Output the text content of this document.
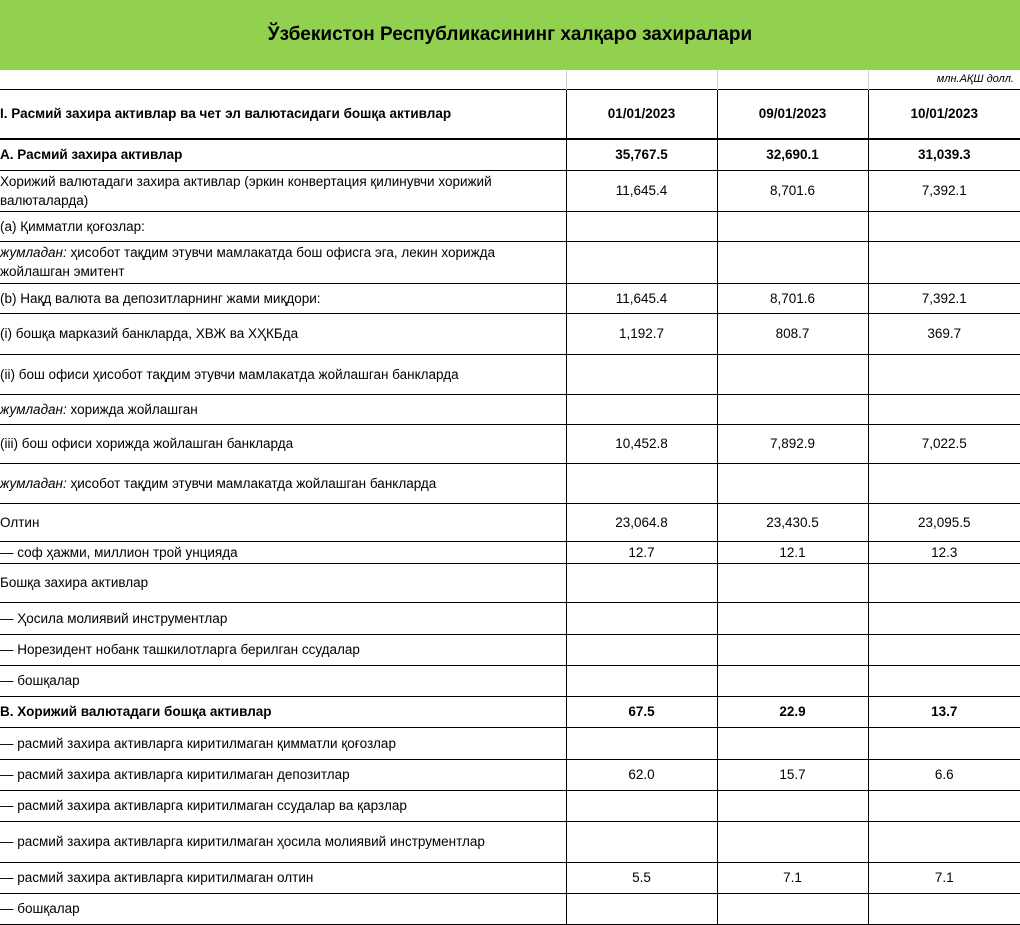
Ўзбекистон Республикасининг халқаро захиралари
			млн.АҚШ долл.
I. Расмий захира активлар ва чет эл валютасидаги бошқа активлар	01/01/2023	09/01/2023	10/01/2023
A. Расмий захира активлар	35,767.5	32,690.1	31,039.3
Хорижий валютадаги захира активлар (эркин конвертация қилинувчи хорижий валюталарда)	11,645.4	8,701.6	7,392.1
(a) Қимматли қоғозлар:			
жумладан: ҳисобот тақдим этувчи мамлакатда бош офисга эга, лекин хорижда жойлашган эмитент			
(b) Нақд валюта ва депозитларнинг жами миқдори:	11,645.4	8,701.6	7,392.1
(i) бошқа марказий банкларда, ХВЖ ва ХҲКБда	1,192.7	808.7	369.7
(ii) бош офиси ҳисобот тақдим этувчи мамлакатда жойлашган банкларда			
жумладан: хорижда жойлашган			
(iii) бош офиси хорижда жойлашган банкларда	10,452.8	7,892.9	7,022.5
жумладан: ҳисобот тақдим этувчи мамлакатда жойлашган банкларда			
Олтин	23,064.8	23,430.5	23,095.5
— соф ҳажми, миллион трой унцияда	12.7	12.1	12.3
Бошқа захира активлар			
— Ҳосила молиявий инструментлар			
— Норезидент нобанк ташкилотларга берилган ссудалар			
— бошқалар			
B. Хорижий валютадаги бошқа активлар	67.5	22.9	13.7
— расмий захира активларга киритилмаган қимматли қоғозлар			
— расмий захира активларга киритилмаган депозитлар	62.0	15.7	6.6
— расмий захира активларга киритилмаган ссудалар ва қарзлар			
— расмий захира активларга киритилмаган ҳосила молиявий инструментлар			
— расмий захира активларга киритилмаган олтин	5.5	7.1	7.1
— бошқалар			
